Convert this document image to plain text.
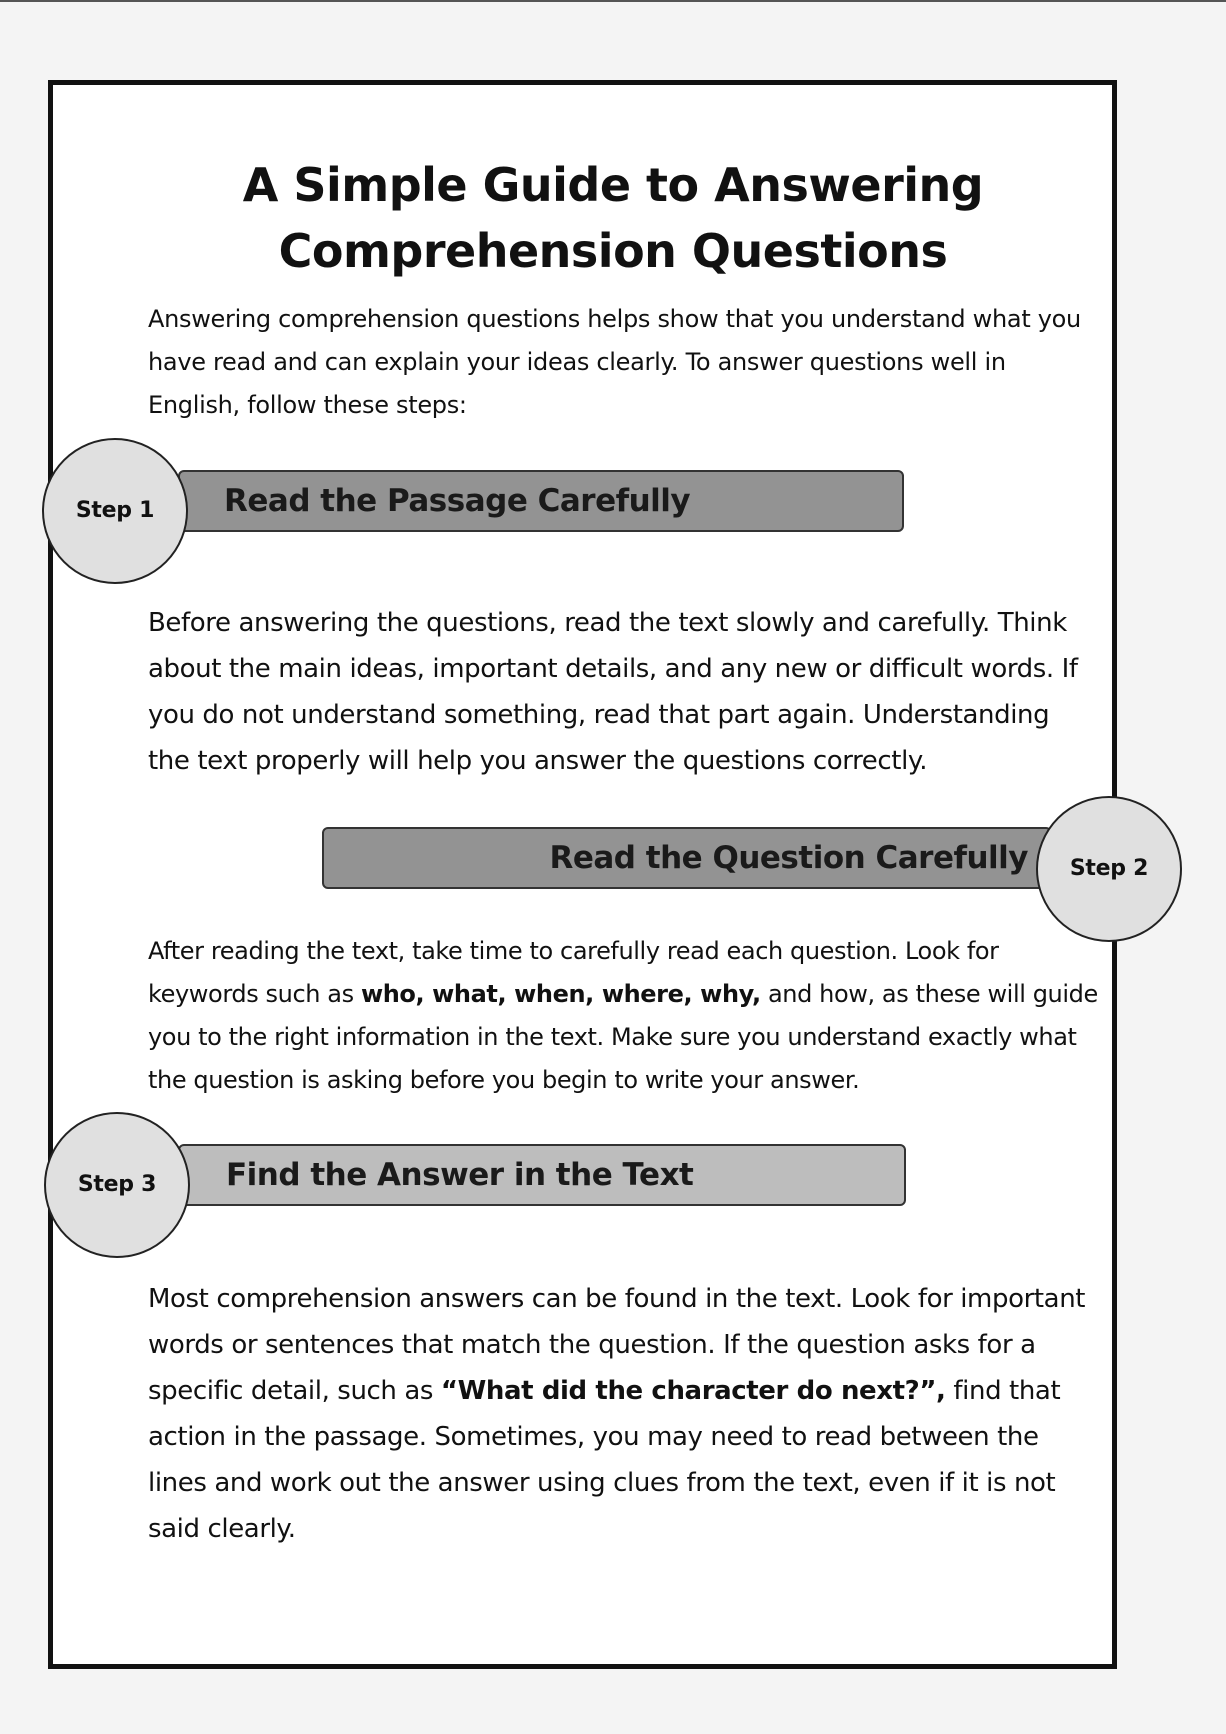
A Simple Guide to Answering
Comprehension Questions

Answering comprehension questions helps show that you understand what you have read and can explain your ideas clearly. To answer questions well in English, follow these steps:

Read the Passage Carefully
Step 1

Before answering the questions, read the text slowly and carefully. Think about the main ideas, important details, and any new or difficult words. If you do not understand something, read that part again. Understanding the text properly will help you answer the questions correctly.

Read the Question Carefully	Step 2

After reading the text, take time to carefully read each question. Look for keywords such as who, what, when, where, why, and how, as these will guide you to the right information in the text. Make sure you understand exactly what the question is asking before you begin to write your answer.

Find the Answer in the Text
Step 3

Most comprehension answers can be found in the text. Look for important words or sentences that match the question. If the question asks for a specific detail, such as “What did the character do next?”, find that action in the passage. Sometimes, you may need to read between the lines and work out the answer using clues from the text, even if it is not said clearly.
